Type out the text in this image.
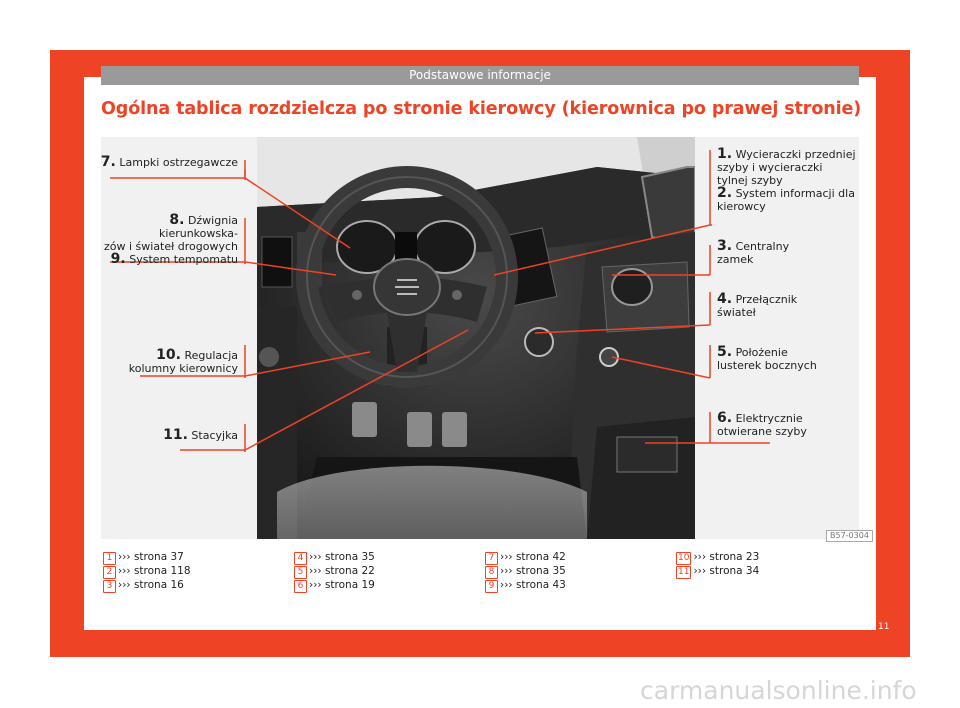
Podstawowe informacje
Ogólna tablica rozdzielcza po stronie kierowcy (kierownica po prawej stronie)
7. Lampki ostrzegawcze
8. Dźwignia kierunkowska-
zów i świateł drogowych
9. System tempomatu
10. Regulacja
kolumny kierownicy
11. Stacyjka
1. Wycieraczki przedniej
szyby i wycieraczki
tylnej szyby
2. System informacji dla
kierowcy
3. Centralny
zamek
4. Przełącznik
świateł
5. Położenie
lusterek bocznych
6. Elektrycznie
otwierane szyby
B57-0304
1 ››› strona 37
2 ››› strona 118
3 ››› strona 16
4 ››› strona 35
5 ››› strona 22
6 ››› strona 19
7 ››› strona 42
8 ››› strona 35
9 ››› strona 43
10 ››› strona 23
11 ››› strona 34
11
carmanualsonline.info
